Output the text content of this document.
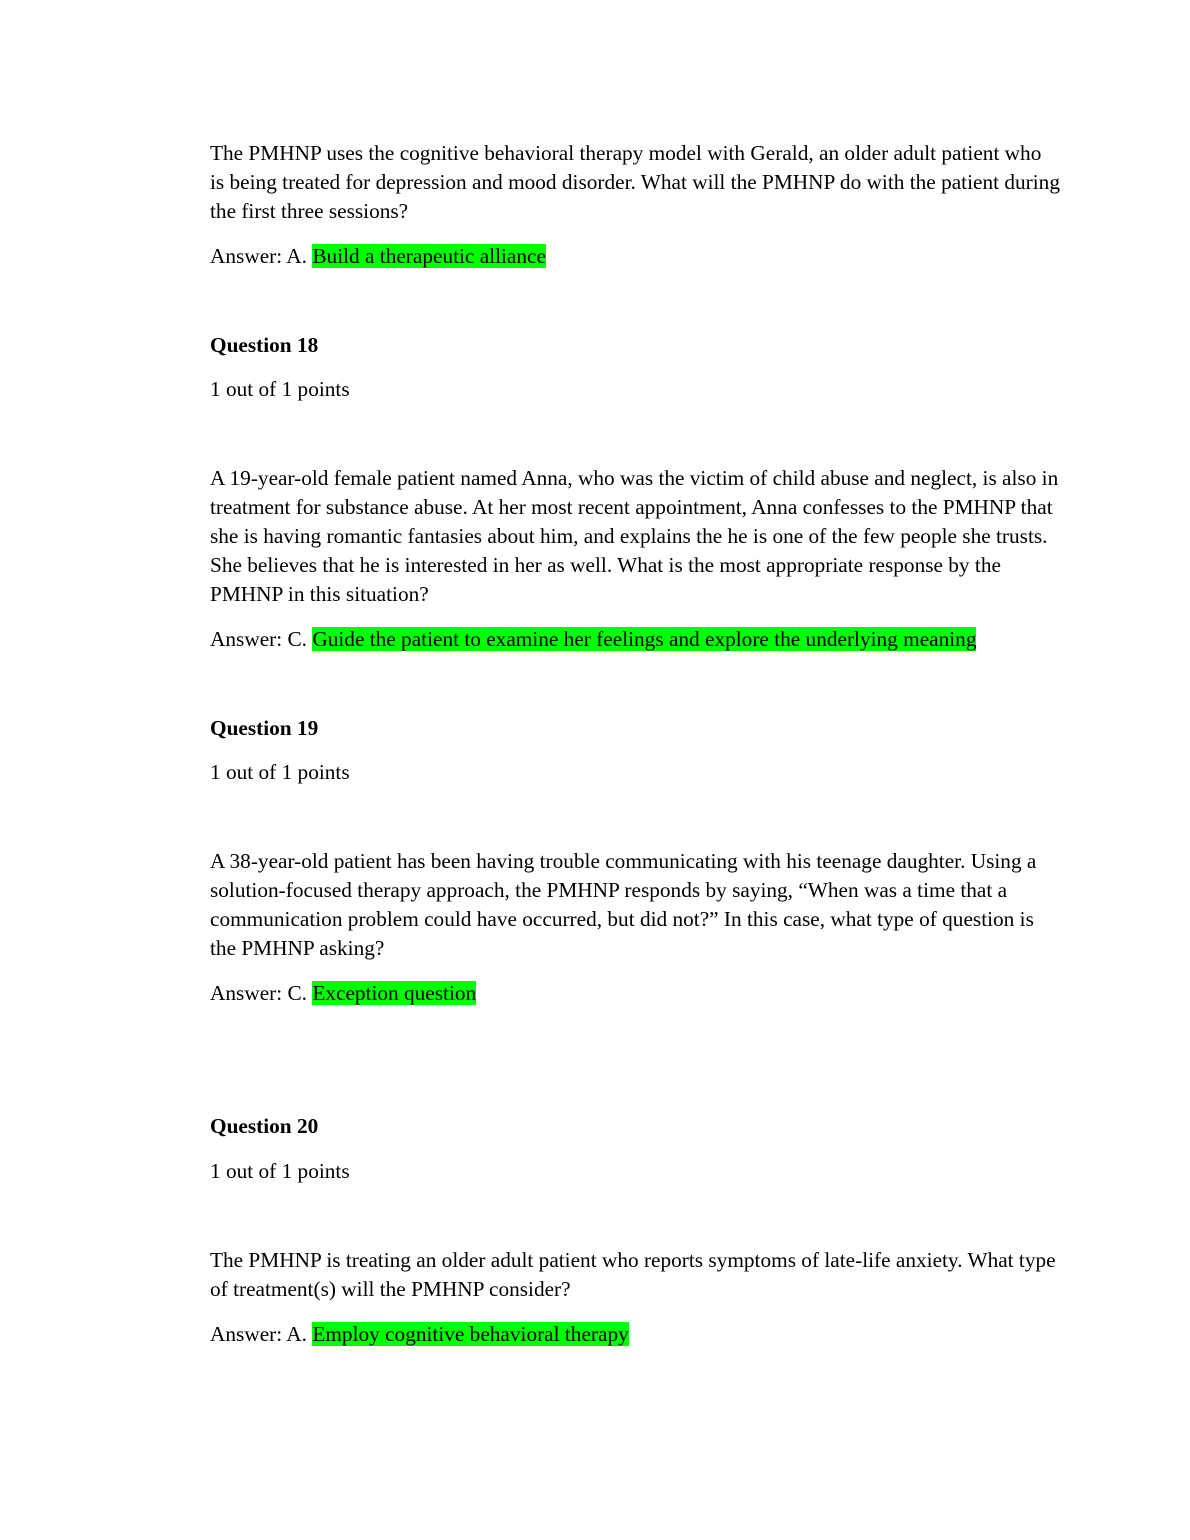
The PMHNP uses the cognitive behavioral therapy model with Gerald, an older adult patient who is being treated for depression and mood disorder. What will the PMHNP do with the patient during the first three sessions?

Answer: A. Build a therapeutic alliance

Question 18

1 out of 1 points

A 19-year-old female patient named Anna, who was the victim of child abuse and neglect, is also in treatment for substance abuse. At her most recent appointment, Anna confesses to the PMHNP that she is having romantic fantasies about him, and explains the he is one of the few people she trusts. She believes that he is interested in her as well. What is the most appropriate response by the PMHNP in this situation?

Answer: C. Guide the patient to examine her feelings and explore the underlying meaning

Question 19

1 out of 1 points

A 38-year-old patient has been having trouble communicating with his teenage daughter. Using a solution-focused therapy approach, the PMHNP responds by saying, “When was a time that a communication problem could have occurred, but did not?” In this case, what type of question is the PMHNP asking?

Answer: C. Exception question

Question 20

1 out of 1 points

The PMHNP is treating an older adult patient who reports symptoms of late-life anxiety. What type of treatment(s) will the PMHNP consider?

Answer: A. Employ cognitive behavioral therapy
